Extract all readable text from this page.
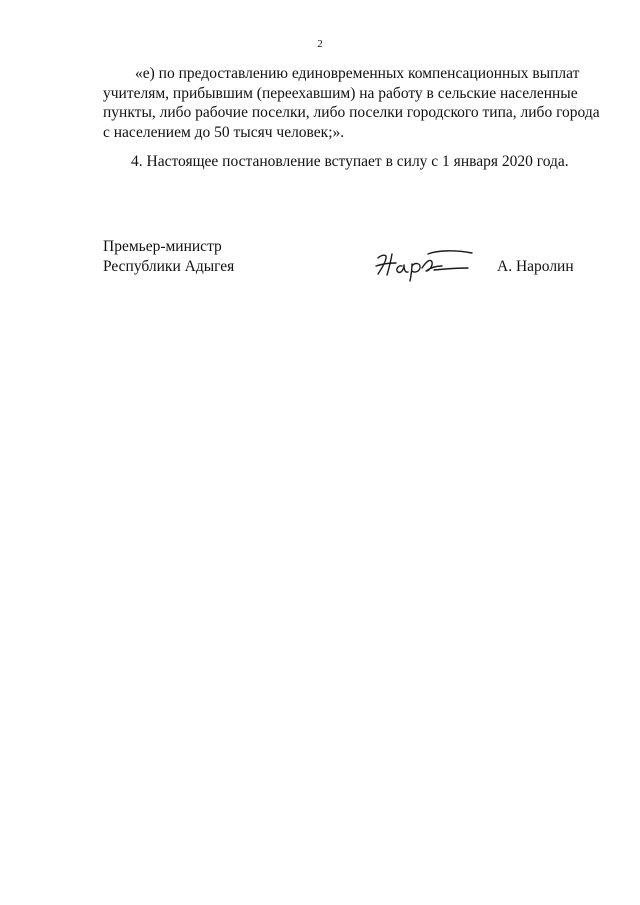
2
«е) по предоставлению единовременных компенсационных выплат
учителям, прибывшим (переехавшим) на работу в сельские населенные
пункты, либо рабочие поселки, либо поселки городского типа, либо города
с населением до 50 тысяч человек;».
4. Настоящее постановление вступает в силу с 1 января 2020 года.
Премьер-министр
Республики Адыгея	А. Наролин
